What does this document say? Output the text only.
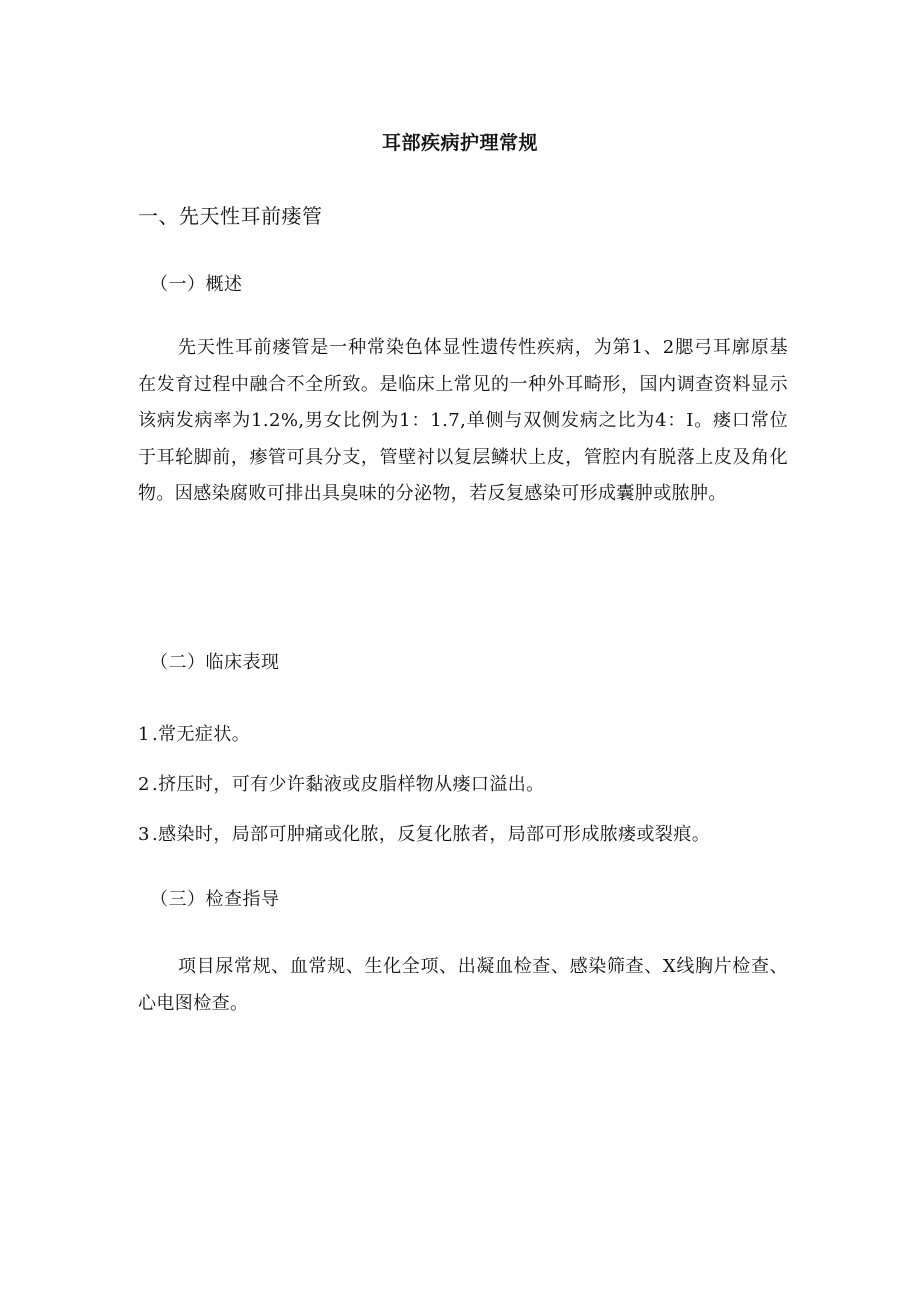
耳部疾病护理常规
一、先天性耳前瘘管
（一）概述
先天性耳前瘘管是一种常染色体显性遗传性疾病，为第1、2腮弓耳廓原基在发育过程中融合不全所致。是临床上常见的一种外耳畸形，国内调查资料显示该病发病率为1.2%,男女比例为1：1.7,单侧与双侧发病之比为4：I。瘘口常位于耳轮脚前，瘆管可具分支，管壁衬以复层鳞状上皮，管腔内有脱落上皮及角化物。因感染腐败可排出具臭味的分泌物，若反复感染可形成囊肿或脓肿。
（二）临床表现
1 .常无症状。
2 .挤压时，可有少许黏液或皮脂样物从瘘口溢出。
3 .感染时，局部可肿痛或化脓，反复化脓者，局部可形成脓瘘或裂痕。
（三）检查指导
项目尿常规、血常规、生化全项、出凝血检查、感染筛查、X线胸片检查、心电图检查。
